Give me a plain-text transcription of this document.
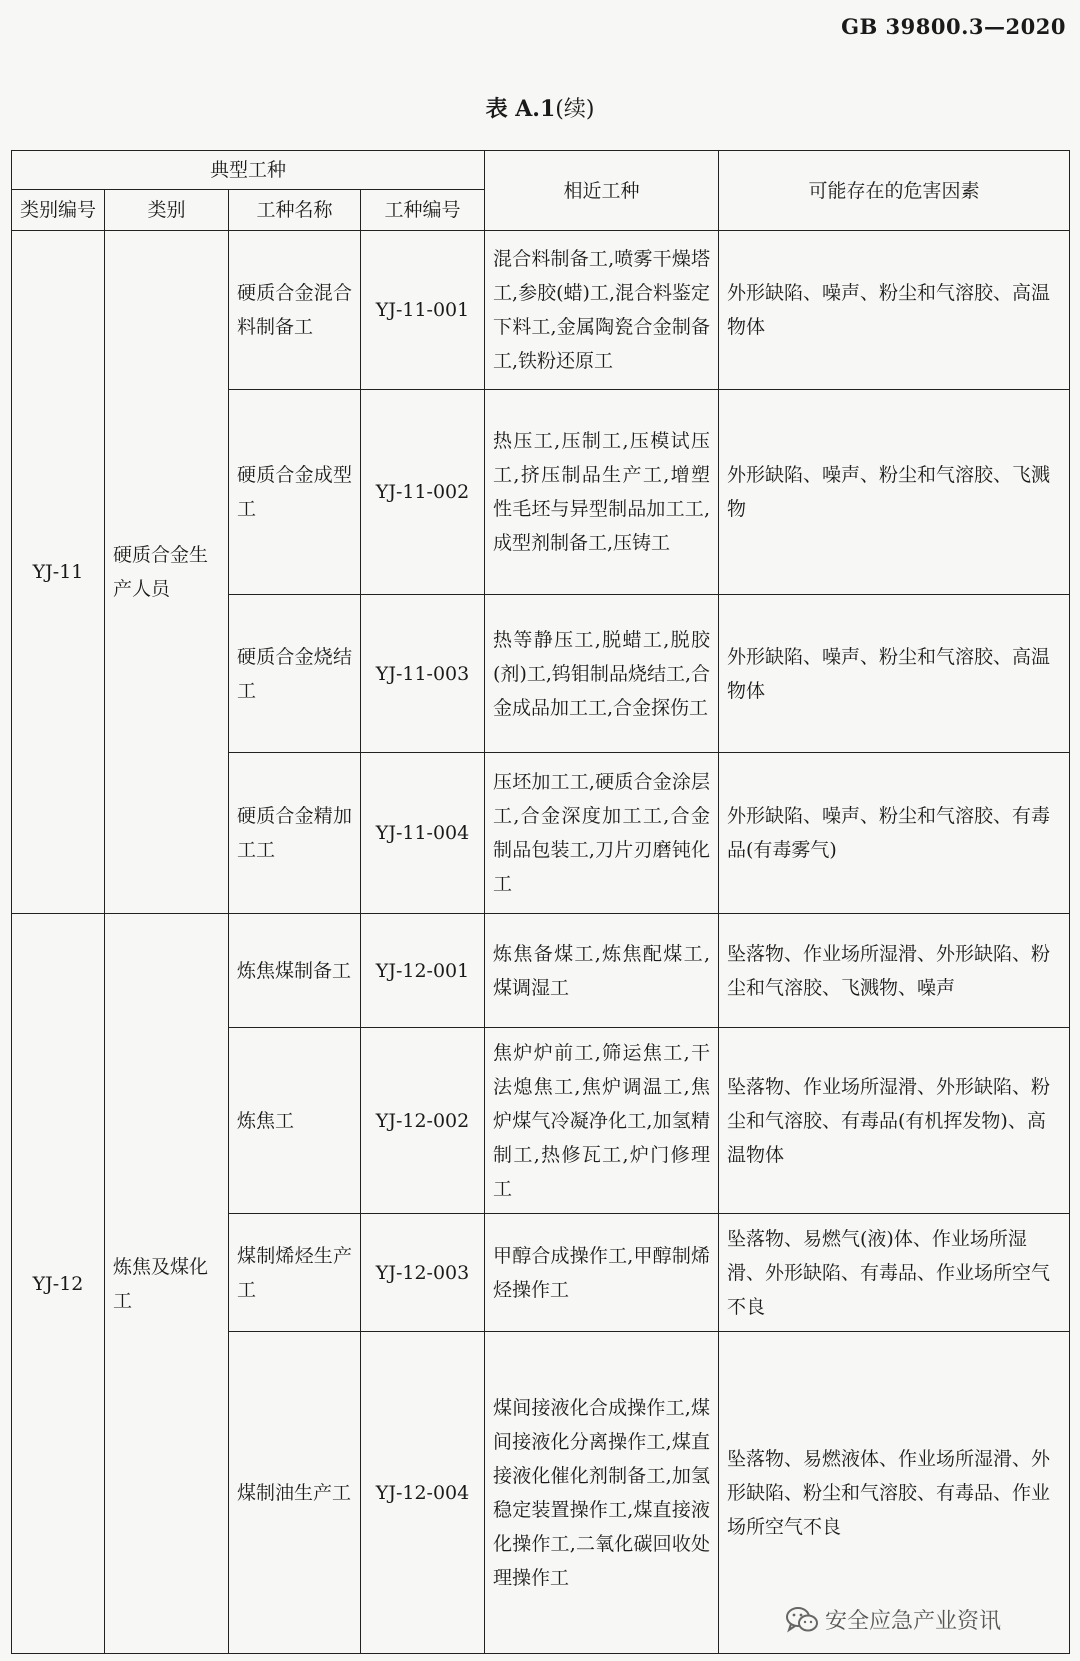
GB 39800.3—2020
表 A.1(续)
典型工种				相近工种	可能存在的危害因素
类别编号	类别	工种名称	工种编号		
YJ-11	硬质合金生产人员	硬质合金混合料制备工	YJ-11-001	混合料制备工,喷雾干燥塔工,参胶(蜡)工,混合料鉴定下料工,金属陶瓷合金制备工,铁粉还原工	外形缺陷、噪声、粉尘和气溶胶、高温物体
		硬质合金成型工	YJ-11-002	热压工,压制工,压模试压工,挤压制品生产工,增塑性毛坯与异型制品加工工,成型剂制备工,压铸工	外形缺陷、噪声、粉尘和气溶胶、飞溅物
		硬质合金烧结工	YJ-11-003	热等静压工,脱蜡工,脱胶(剂)工,钨钼制品烧结工,合金成品加工工,合金探伤工	外形缺陷、噪声、粉尘和气溶胶、高温物体
		硬质合金精加工工	YJ-11-004	压坯加工工,硬质合金涂层工,合金深度加工工,合金制品包装工,刀片刃磨钝化工	外形缺陷、噪声、粉尘和气溶胶、有毒品(有毒雾气)
YJ-12	炼焦及煤化工	炼焦煤制备工	YJ-12-001	炼焦备煤工,炼焦配煤工,煤调湿工	坠落物、作业场所湿滑、外形缺陷、粉尘和气溶胶、飞溅物、噪声
		炼焦工	YJ-12-002	焦炉炉前工,筛运焦工,干法熄焦工,焦炉调温工,焦炉煤气冷凝净化工,加氢精制工,热修瓦工,炉门修理工	坠落物、作业场所湿滑、外形缺陷、粉尘和气溶胶、有毒品(有机挥发物)、高温物体
		煤制烯烃生产工	YJ-12-003	甲醇合成操作工,甲醇制烯烃操作工	坠落物、易燃气(液)体、作业场所湿滑、外形缺陷、有毒品、作业场所空气不良
		煤制油生产工	YJ-12-004	煤间接液化合成操作工,煤间接液化分离操作工,煤直接液化催化剂制备工,加氢稳定装置操作工,煤直接液化操作工,二氧化碳回收处理操作工	坠落物、易燃液体、作业场所湿滑、外形缺陷、粉尘和气溶胶、有毒品、作业场所空气不良
安全应急产业资讯
